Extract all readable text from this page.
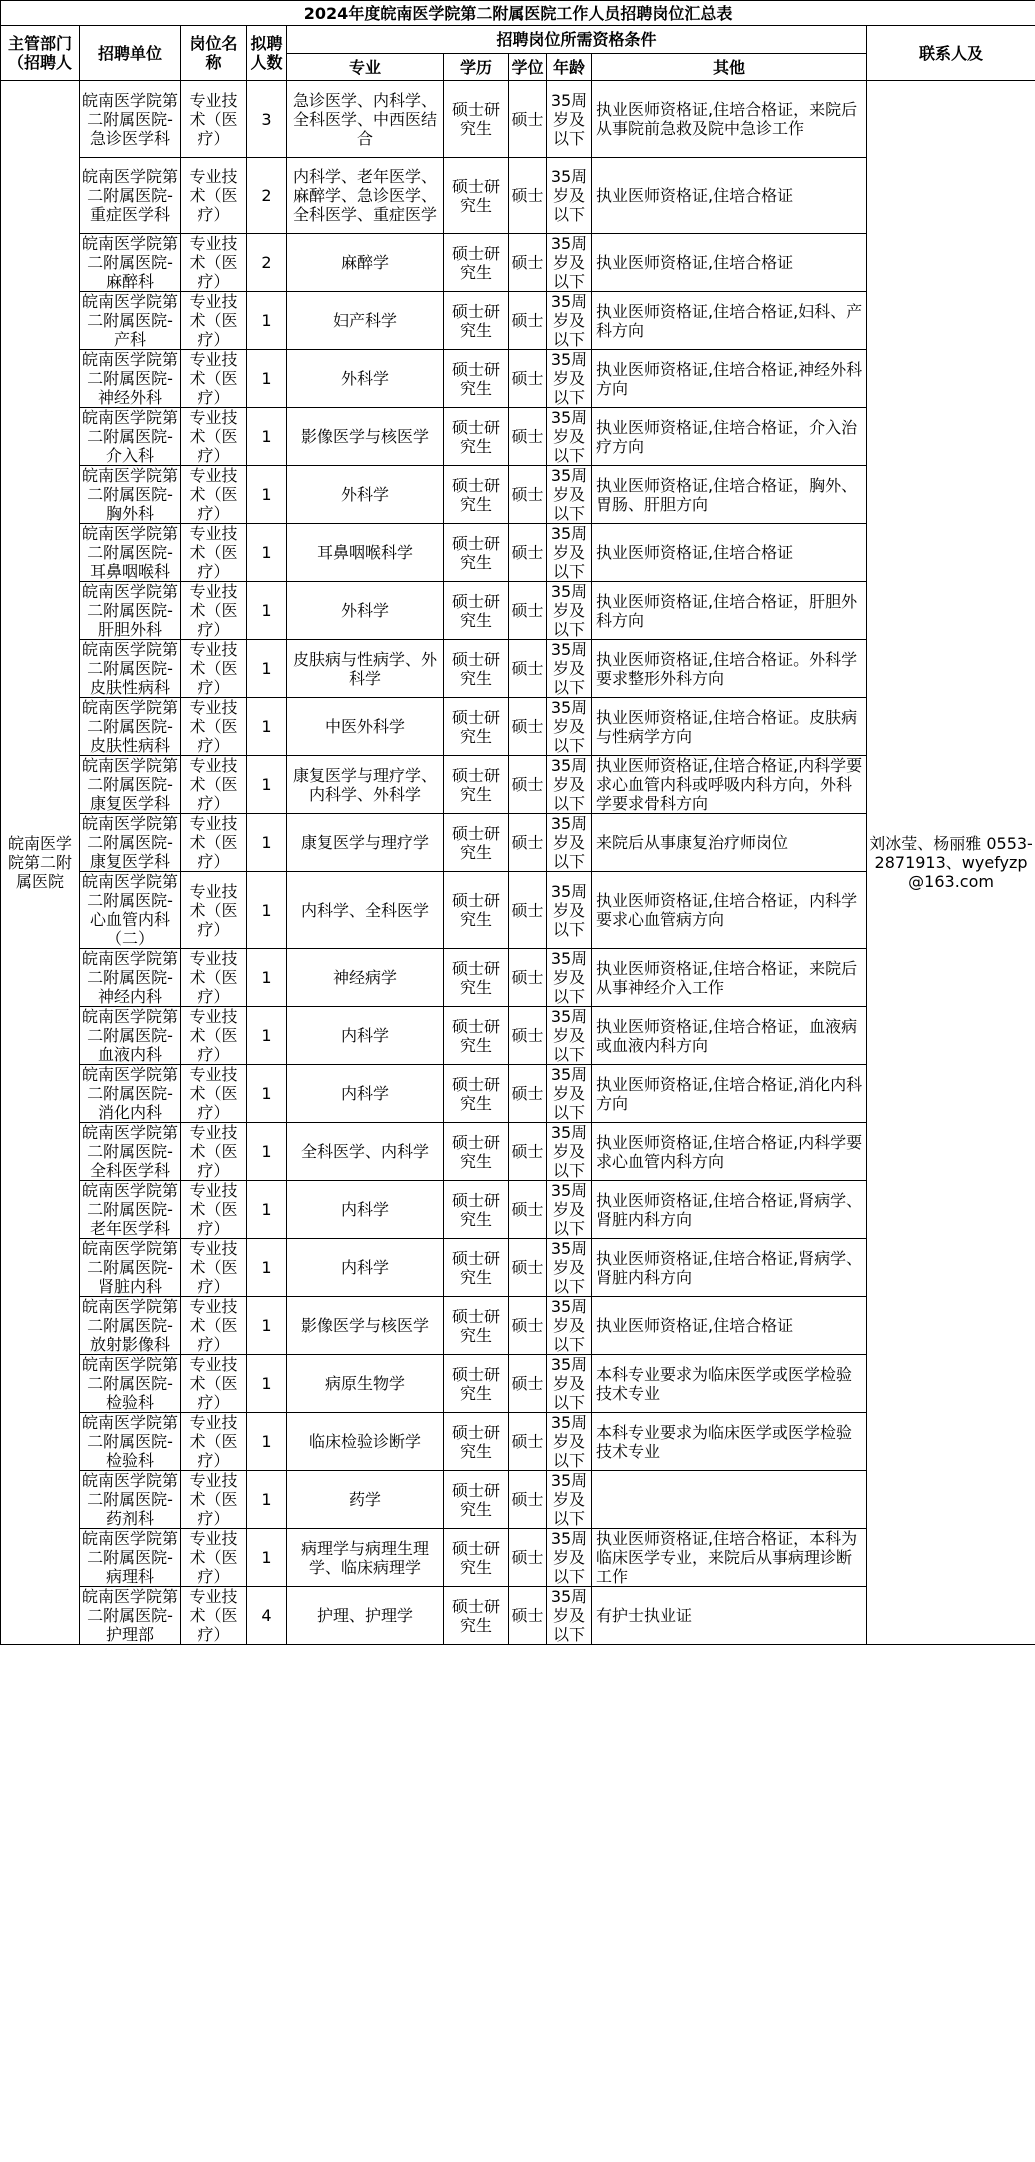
2024年度皖南医学院第二附属医院工作人员招聘岗位汇总表									
主管部门（招聘人	招聘单位	岗位名称	拟聘人数	招聘岗位所需资格条件					联系人及
				专业	学历	学位	年龄	其他	
皖南医学院第二附属医院	皖南医学院第二附属医院-急诊医学科	专业技术（医疗）	3	急诊医学、内科学、全科医学、中西医结合	硕士研究生	硕士	35周岁及以下	执业医师资格证,住培合格证，来院后从事院前急救及院中急诊工作	刘冰莹、杨丽雅 0553-2871913、wyefyzp@163.com
	皖南医学院第二附属医院-重症医学科	专业技术（医疗）	2	内科学、老年医学、麻醉学、急诊医学、全科医学、重症医学	硕士研究生	硕士	35周岁及以下	执业医师资格证,住培合格证	
	皖南医学院第二附属医院-麻醉科	专业技术（医疗）	2	麻醉学	硕士研究生	硕士	35周岁及以下	执业医师资格证,住培合格证	
	皖南医学院第二附属医院-产科	专业技术（医疗）	1	妇产科学	硕士研究生	硕士	35周岁及以下	执业医师资格证,住培合格证,妇科、产科方向	
	皖南医学院第二附属医院-神经外科	专业技术（医疗）	1	外科学	硕士研究生	硕士	35周岁及以下	执业医师资格证,住培合格证,神经外科方向	
	皖南医学院第二附属医院-介入科	专业技术（医疗）	1	影像医学与核医学	硕士研究生	硕士	35周岁及以下	执业医师资格证,住培合格证，介入治疗方向	
	皖南医学院第二附属医院-胸外科	专业技术（医疗）	1	外科学	硕士研究生	硕士	35周岁及以下	执业医师资格证,住培合格证，胸外、胃肠、肝胆方向	
	皖南医学院第二附属医院-耳鼻咽喉科	专业技术（医疗）	1	耳鼻咽喉科学	硕士研究生	硕士	35周岁及以下	执业医师资格证,住培合格证	
	皖南医学院第二附属医院-肝胆外科	专业技术（医疗）	1	外科学	硕士研究生	硕士	35周岁及以下	执业医师资格证,住培合格证，肝胆外科方向	
	皖南医学院第二附属医院-皮肤性病科	专业技术（医疗）	1	皮肤病与性病学、外科学	硕士研究生	硕士	35周岁及以下	执业医师资格证,住培合格证。外科学要求整形外科方向	
	皖南医学院第二附属医院-皮肤性病科	专业技术（医疗）	1	中医外科学	硕士研究生	硕士	35周岁及以下	执业医师资格证,住培合格证。皮肤病与性病学方向	
	皖南医学院第二附属医院-康复医学科	专业技术（医疗）	1	康复医学与理疗学、内科学、外科学	硕士研究生	硕士	35周岁及以下	执业医师资格证,住培合格证,内科学要求心血管内科或呼吸内科方向，外科学要求骨科方向	
	皖南医学院第二附属医院-康复医学科	专业技术（医疗）	1	康复医学与理疗学	硕士研究生	硕士	35周岁及以下	来院后从事康复治疗师岗位	
	皖南医学院第二附属医院-心血管内科（二）	专业技术（医疗）	1	内科学、全科医学	硕士研究生	硕士	35周岁及以下	执业医师资格证,住培合格证，内科学要求心血管病方向	
	皖南医学院第二附属医院-神经内科	专业技术（医疗）	1	神经病学	硕士研究生	硕士	35周岁及以下	执业医师资格证,住培合格证，来院后从事神经介入工作	
	皖南医学院第二附属医院-血液内科	专业技术（医疗）	1	内科学	硕士研究生	硕士	35周岁及以下	执业医师资格证,住培合格证，血液病或血液内科方向	
	皖南医学院第二附属医院-消化内科	专业技术（医疗）	1	内科学	硕士研究生	硕士	35周岁及以下	执业医师资格证,住培合格证,消化内科方向	
	皖南医学院第二附属医院-全科医学科	专业技术（医疗）	1	全科医学、内科学	硕士研究生	硕士	35周岁及以下	执业医师资格证,住培合格证,内科学要求心血管内科方向	
	皖南医学院第二附属医院-老年医学科	专业技术（医疗）	1	内科学	硕士研究生	硕士	35周岁及以下	执业医师资格证,住培合格证,肾病学、肾脏内科方向	
	皖南医学院第二附属医院-肾脏内科	专业技术（医疗）	1	内科学	硕士研究生	硕士	35周岁及以下	执业医师资格证,住培合格证,肾病学、肾脏内科方向	
	皖南医学院第二附属医院-放射影像科	专业技术（医疗）	1	影像医学与核医学	硕士研究生	硕士	35周岁及以下	执业医师资格证,住培合格证	
	皖南医学院第二附属医院-检验科	专业技术（医疗）	1	病原生物学	硕士研究生	硕士	35周岁及以下	本科专业要求为临床医学或医学检验技术专业	
	皖南医学院第二附属医院-检验科	专业技术（医疗）	1	临床检验诊断学	硕士研究生	硕士	35周岁及以下	本科专业要求为临床医学或医学检验技术专业	
	皖南医学院第二附属医院-药剂科	专业技术（医疗）	1	药学	硕士研究生	硕士	35周岁及以下		
	皖南医学院第二附属医院-病理科	专业技术（医疗）	1	病理学与病理生理学、临床病理学	硕士研究生	硕士	35周岁及以下	执业医师资格证,住培合格证，本科为临床医学专业，来院后从事病理诊断工作	
	皖南医学院第二附属医院-护理部	专业技术（医疗）	4	护理、护理学	硕士研究生	硕士	35周岁及以下	有护士执业证	
